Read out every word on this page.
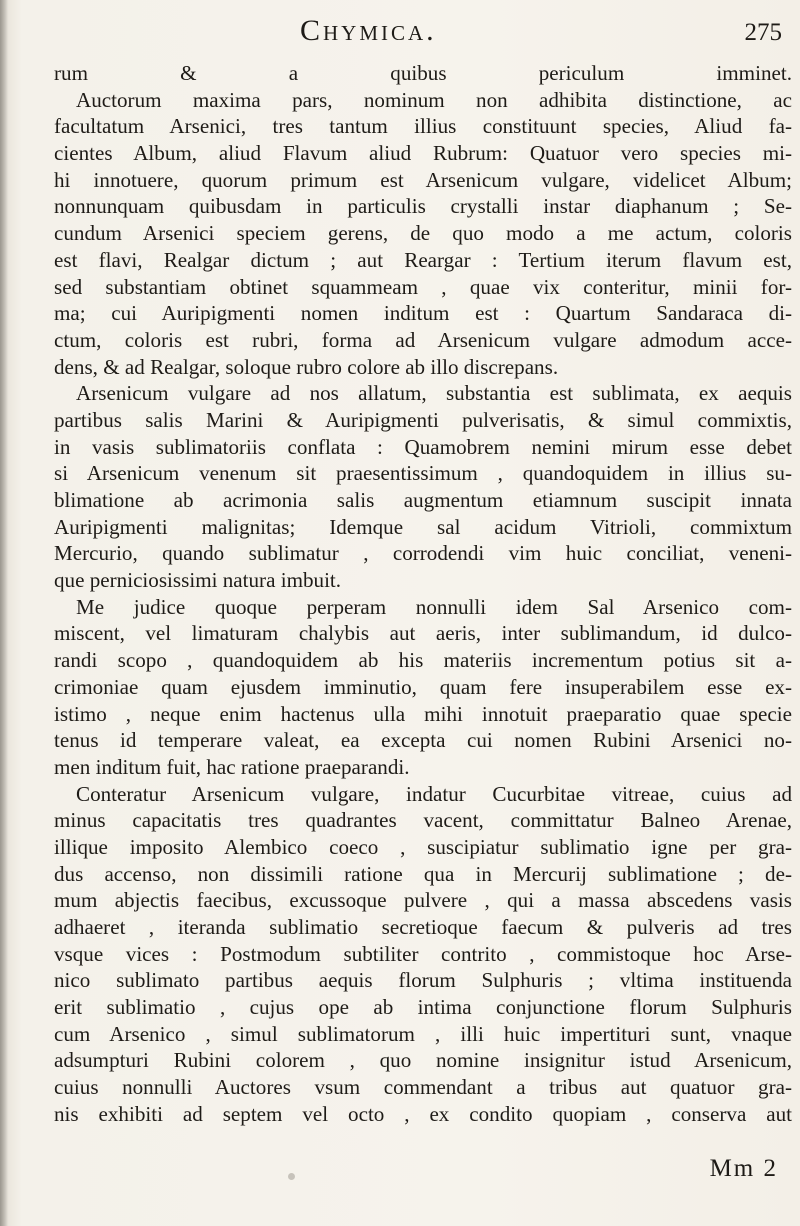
Chymica.	275
rum & a quibus periculum imminet.
Auctorum maxima pars, nominum non adhibita distinctione, ac
facultatum Arsenici, tres tantum illius constituunt species, Aliud fa-
cientes Album, aliud Flavum aliud Rubrum: Quatuor vero species mi-
hi innotuere, quorum primum est Arsenicum vulgare, videlicet Album;
nonnunquam quibusdam in particulis crystalli instar diaphanum ; Se-
cundum Arsenici speciem gerens, de quo modo a me actum, coloris
est flavi, Realgar dictum ; aut Reargar : Tertium iterum flavum est,
sed substantiam obtinet squammeam , quae vix conteritur, minii for-
ma; cui Auripigmenti nomen inditum est : Quartum Sandaraca di-
ctum, coloris est rubri, forma ad Arsenicum vulgare admodum acce-
dens, & ad Realgar, soloque rubro colore ab illo discrepans.
Arsenicum vulgare ad nos allatum, substantia est sublimata, ex aequis
partibus salis Marini & Auripigmenti pulverisatis, & simul commixtis,
in vasis sublimatoriis conflata : Quamobrem nemini mirum esse debet
si Arsenicum venenum sit praesentissimum , quandoquidem in illius su-
blimatione ab acrimonia salis augmentum etiamnum suscipit innata
Auripigmenti malignitas; Idemque sal acidum Vitrioli, commixtum
Mercurio, quando sublimatur , corrodendi vim huic conciliat, veneni-
que perniciosissimi natura imbuit.
Me judice quoque perperam nonnulli idem Sal Arsenico com-
miscent, vel limaturam chalybis aut aeris, inter sublimandum, id dulco-
randi scopo , quandoquidem ab his materiis incrementum potius sit a-
crimoniae quam ejusdem imminutio, quam fere insuperabilem esse ex-
istimo , neque enim hactenus ulla mihi innotuit praeparatio quae specie
tenus id temperare valeat, ea excepta cui nomen Rubini Arsenici no-
men inditum fuit, hac ratione praeparandi.
Conteratur Arsenicum vulgare, indatur Cucurbitae vitreae, cuius ad
minus capacitatis tres quadrantes vacent, committatur Balneo Arenae,
illique imposito Alembico coeco , suscipiatur sublimatio igne per gra-
dus accenso, non dissimili ratione qua in Mercurij sublimatione ; de-
mum abjectis faecibus, excussoque pulvere , qui a massa abscedens vasis
adhaeret , iteranda sublimatio secretioque faecum & pulveris ad tres
vsque vices : Postmodum subtiliter contrito , commistoque hoc Arse-
nico sublimato partibus aequis florum Sulphuris ; vltima instituenda
erit sublimatio , cujus ope ab intima conjunctione florum Sulphuris
cum Arsenico , simul sublimatorum , illi huic impertituri sunt, vnaque
adsumpturi Rubini colorem , quo nomine insignitur istud Arsenicum,
cuius nonnulli Auctores vsum commendant a tribus aut quatuor gra-
nis exhibiti ad septem vel octo , ex condito quopiam , conserva aut
Mm 2
